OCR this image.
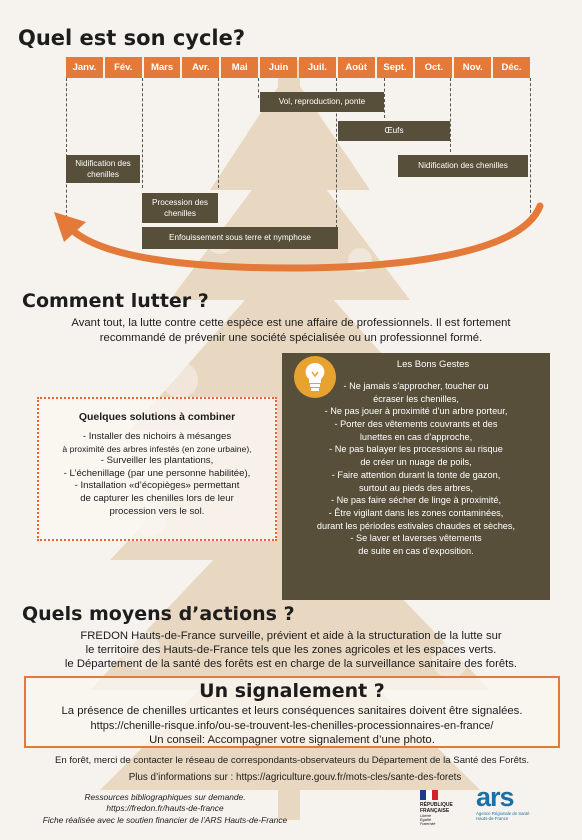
Quel est son cycle?
Janv.	Fév.	Mars	Avr.	Mai	Juin	Juil.	Août	Sept.	Oct.	Nov.	Déc.
Vol, reproduction, ponte
Œufs
Nidification des chenilles
Nidification des chenilles
Procession des chenilles
Enfouissement sous terre et nymphose
Comment lutter ?

Avant tout, la lutte contre cette espèce est une affaire de professionnels. Il est fortement

recommandé de prévenir une société spécialisée ou un professionnel formé.

Quelques solutions à combiner
- Installer des nichoirs à mésanges
à proximité des arbres infestés (en zone urbaine),
- Surveiller les plantations,
- L’échenillage (par une personne habilitée),
- Installation «d’écopièges» permettant
de capturer les chenilles lors de leur
procession vers le sol.
Les Bons Gestes
- Ne jamais s’approcher, toucher ou
écraser les chenilles,
- Ne pas jouer à proximité d’un arbre porteur,
- Porter des vêtements couvrants et des
lunettes en cas d’approche,
- Ne pas balayer les processions au risque
de créer un nuage de poils,
- Faire attention durant la tonte de gazon,
surtout au pieds des arbres,
- Ne pas faire sécher de linge à proximité,
- Être vigilant dans les zones contaminées,
durant les périodes estivales chaudes et sèches,
- Se laver et laverses vêtements
de suite en cas d’exposition.
Quels moyens d’actions ?

FREDON Hauts-de-France surveille, prévient et aide à la structuration de la lutte sur

le territoire des Hauts-de-France tels que les zones agricoles et les espaces verts.

le Département de la santé des forêts est en charge de la surveillance sanitaire des forêts.

Un signalement ?

La présence de chenilles urticantes et leurs conséquences sanitaires doivent être signalées.

https://chenille-risque.info/ou-se-trouvent-les-chenilles-processionnaires-en-france/

Un conseil: Accompagner votre signalement d’une photo.

En forêt, merci de contacter le réseau de correspondants-observateurs du Département de la Santé des Forêts.

Plus d’informations sur : https://agriculture.gouv.fr/mots-cles/sante-des-forets

Ressources bibliographiques sur demande.
https://fredon.fr/hauts-de-france
Fiche réalisée avec le soutien financier de l’ARS Hauts-de-France
RÉPUBLIQUE
FRANÇAISE
Liberté
Égalité
Fraternité
ars
Agence Régionale de Santé
Hauts-de-France
